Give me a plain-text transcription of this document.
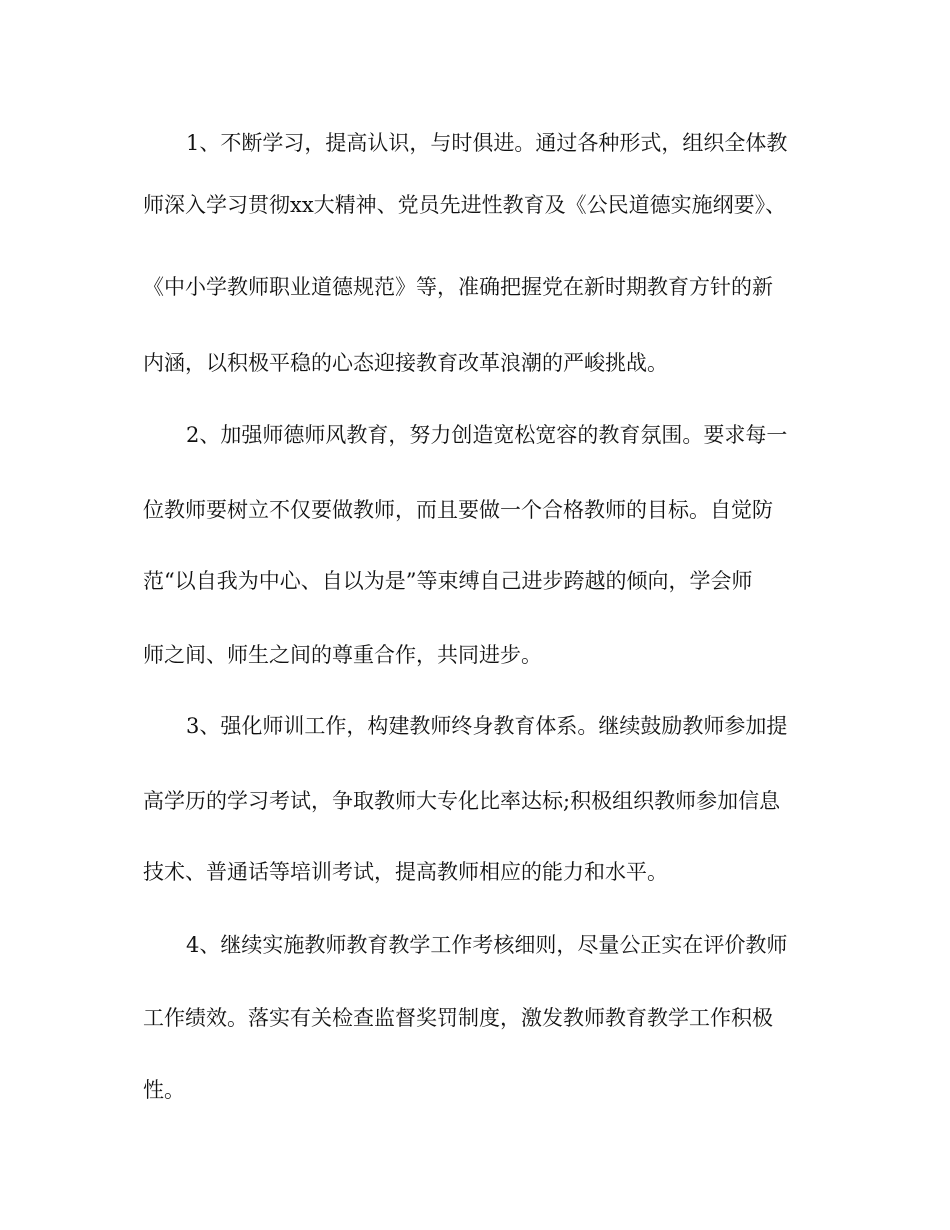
1、不断学习，提高认识，与时俱进。通过各种形式，组织全体教
师深入学习贯彻xx大精神、党员先进性教育及《公民道德实施纲要》、
《中小学教师职业道德规范》等，准确把握党在新时期教育方针的新
内涵，以积极平稳的心态迎接教育改革浪潮的严峻挑战。
2、加强师德师风教育，努力创造宽松宽容的教育氛围。要求每一
位教师要树立不仅要做教师，而且要做一个合格教师的目标。自觉防
范“以自我为中心、自以为是”等束缚自己进步跨越的倾向，学会师
师之间、师生之间的尊重合作，共同进步。
3、强化师训工作，构建教师终身教育体系。继续鼓励教师参加提
高学历的学习考试，争取教师大专化比率达标;积极组织教师参加信息
技术、普通话等培训考试，提高教师相应的能力和水平。
4、继续实施教师教育教学工作考核细则，尽量公正实在评价教师
工作绩效。落实有关检查监督奖罚制度，激发教师教育教学工作积极
性。
